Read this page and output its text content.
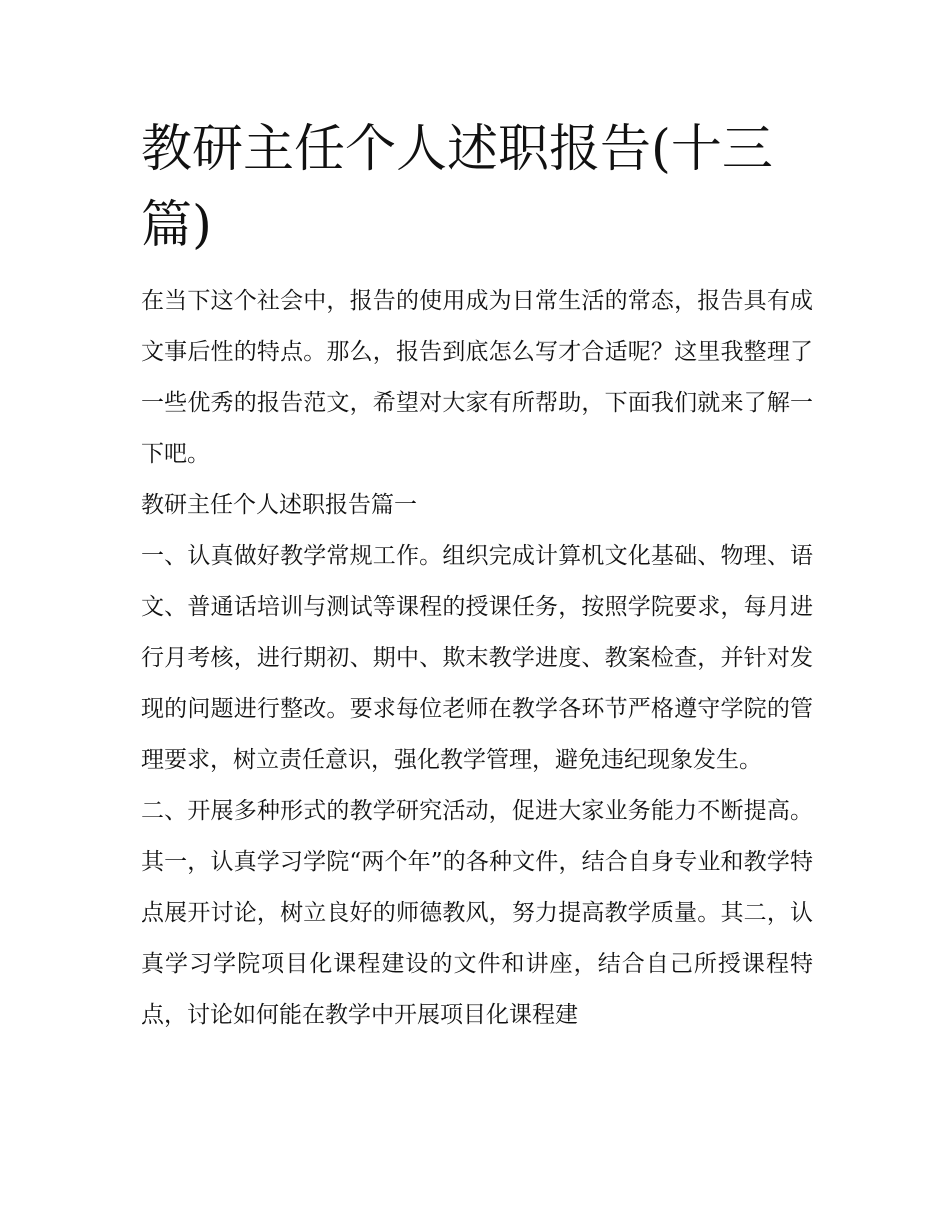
教研主任个人述职报告(十三篇)

在当下这个社会中，报告的使用成为日常生活的常态，报告具有成文事后性的特点。那么，报告到底怎么写才合适呢？这里我整理了一些优秀的报告范文，希望对大家有所帮助，下面我们就来了解一下吧。

教研主任个人述职报告篇一

一、认真做好教学常规工作。组织完成计算机文化基础、物理、语文、普通话培训与测试等课程的授课任务，按照学院要求，每月进行月考核，进行期初、期中、欺末教学进度、教案检查，并针对发现的问题进行整改。要求每位老师在教学各环节严格遵守学院的管理要求，树立责任意识，强化教学管理，避免违纪现象发生。

二、开展多种形式的教学研究活动，促进大家业务能力不断提高。其一，认真学习学院“两个年”的各种文件，结合自身专业和教学特点展开讨论，树立良好的师德教风，努力提高教学质量。其二，认真学习学院项目化课程建设的文件和讲座，结合自己所授课程特点，讨论如何能在教学中开展项目化课程建
